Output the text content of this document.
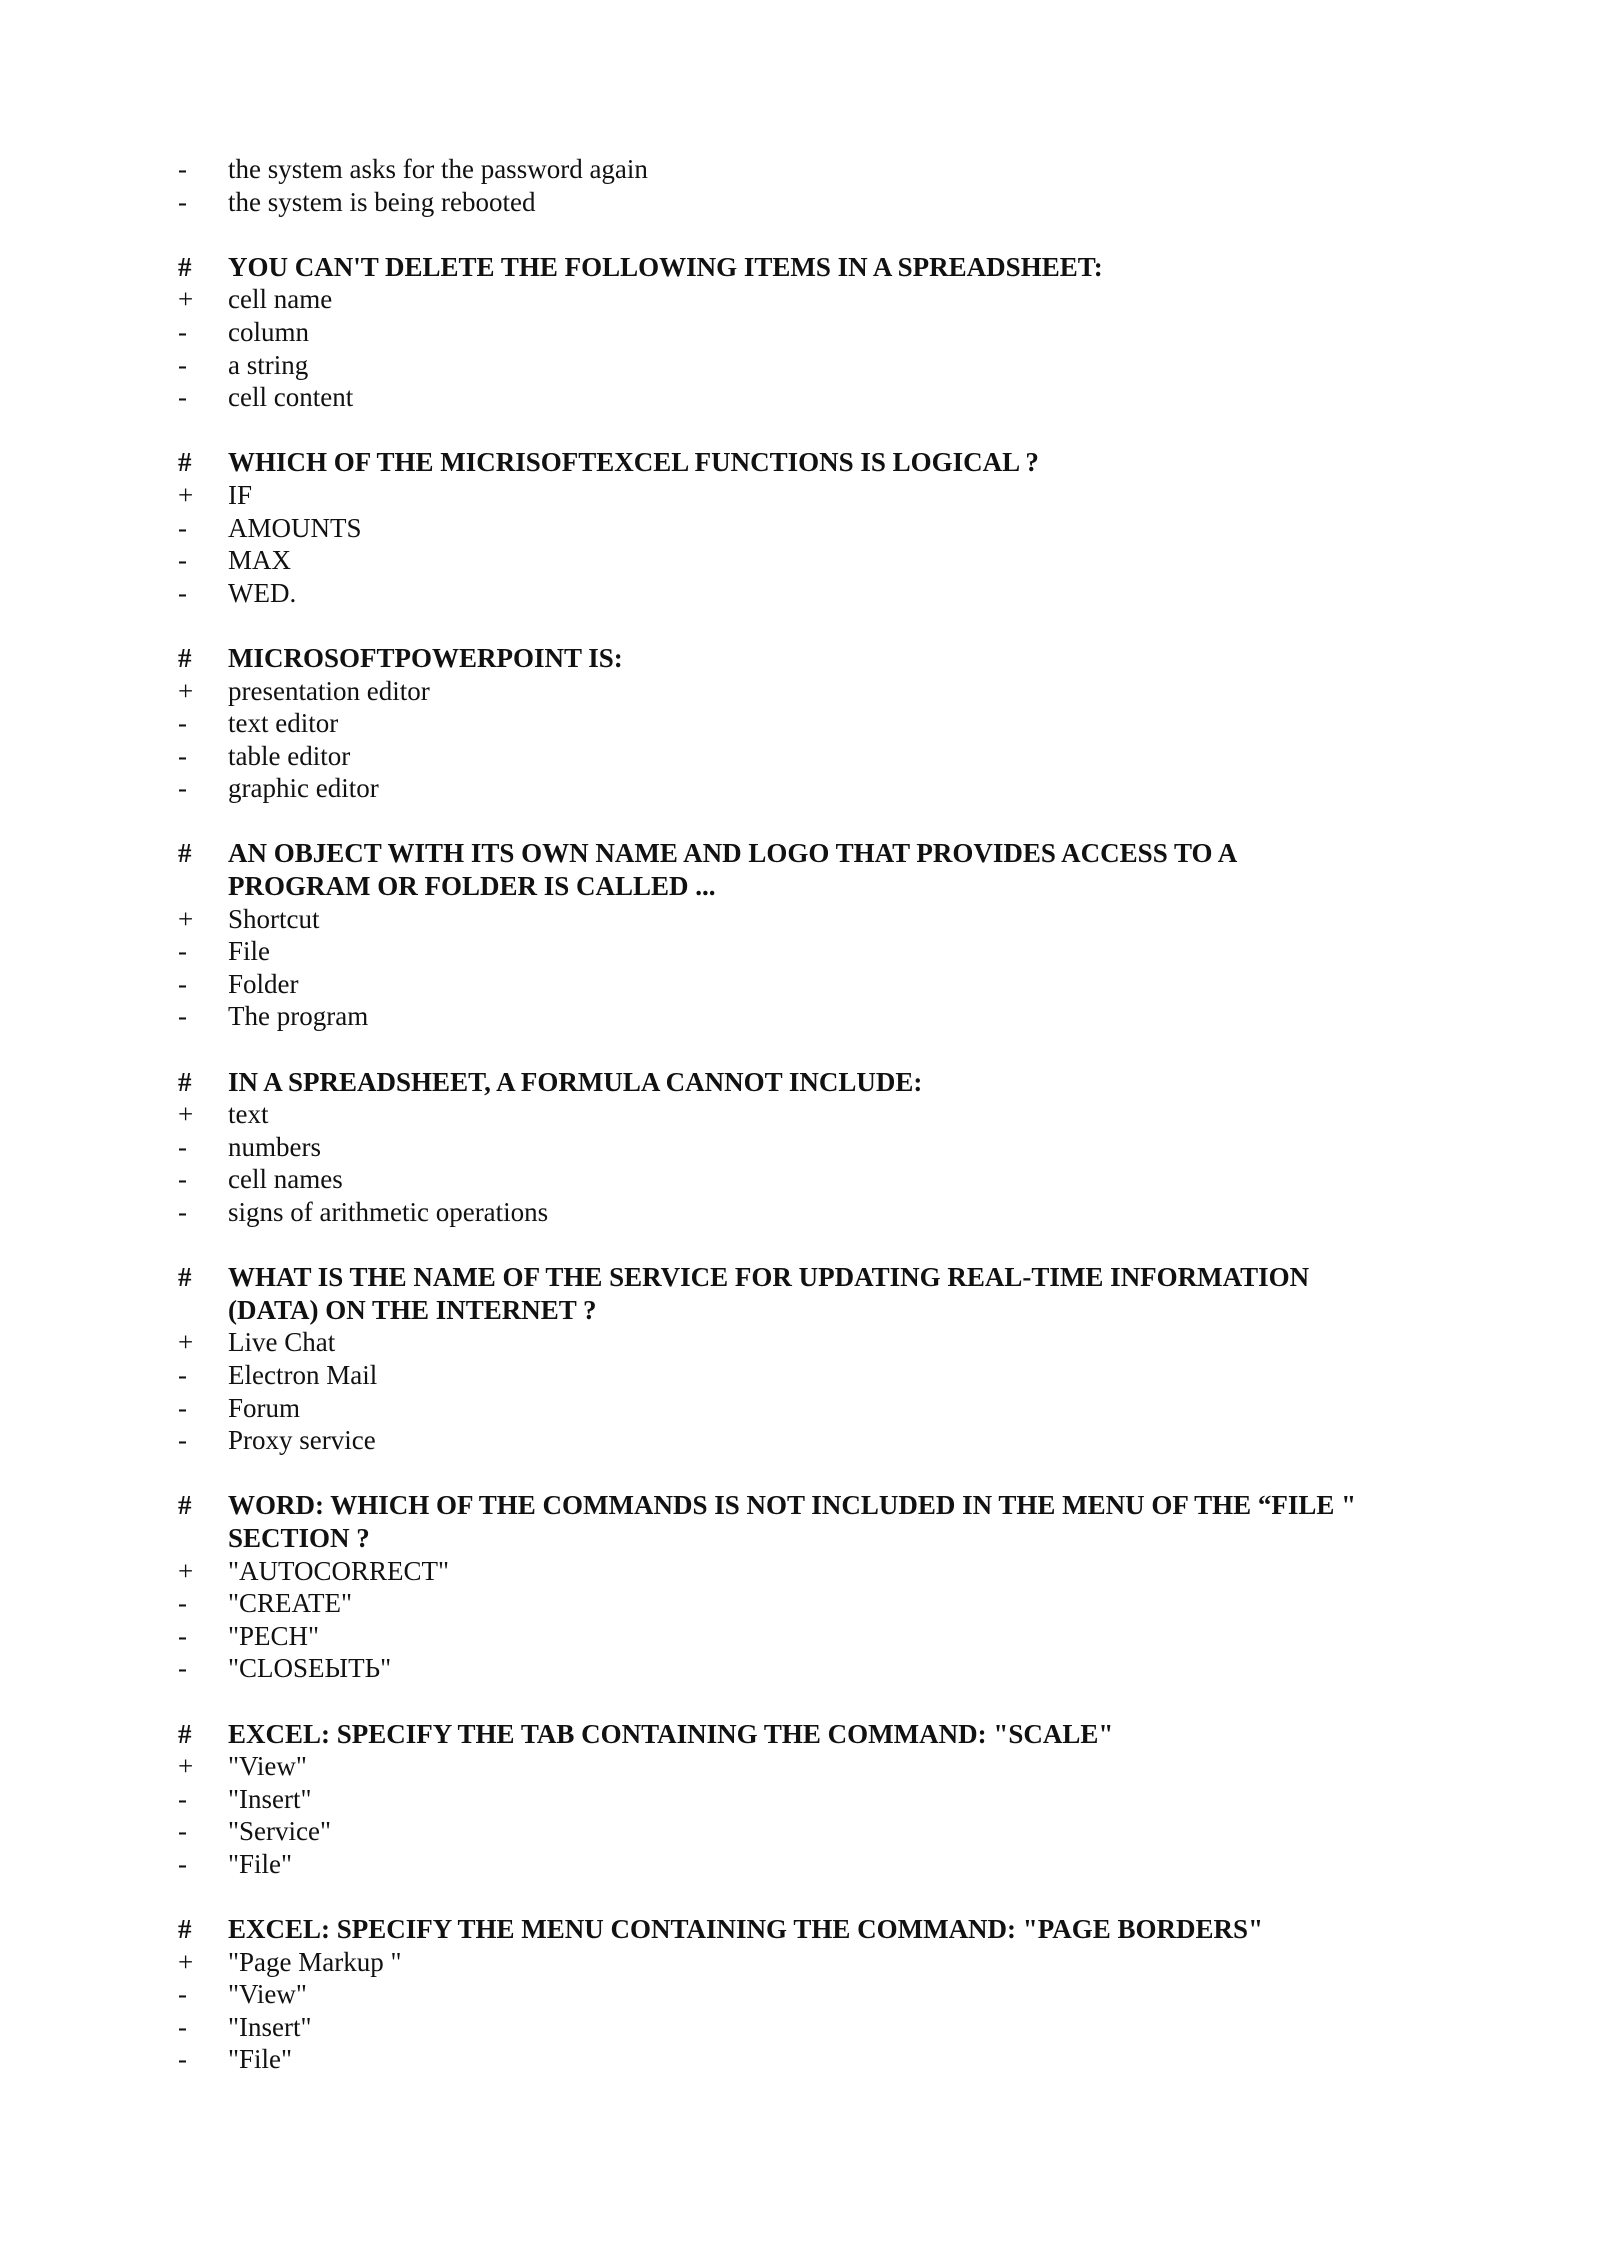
-	the system asks for the password again
-	the system is being rebooted
#	YOU CAN'T DELETE THE FOLLOWING ITEMS IN A SPREADSHEET:
+	cell name
-	column
-	a string
-	cell content
#	WHICH OF THE MICRISOFTEXCEL FUNCTIONS IS LOGICAL ?
+	IF
-	AMOUNTS
-	MAX
-	WED.
#	MICROSOFTPOWERPOINT IS:
+	presentation editor
-	text editor
-	table editor
-	graphic editor
#	AN OBJECT WITH ITS OWN NAME AND LOGO THAT PROVIDES ACCESS TO A
PROGRAM OR FOLDER IS CALLED ...
+	Shortcut
-	File
-	Folder
-	The program
#	IN A SPREADSHEET, A FORMULA CANNOT INCLUDE:
+	text
-	numbers
-	cell names
-	signs of arithmetic operations
#	WHAT IS THE NAME OF THE SERVICE FOR UPDATING REAL-TIME INFORMATION
(DATA) ON THE INTERNET ?
+	Live Chat
-	Electron Mail
-	Forum
-	Proxy service
#	WORD: WHICH OF THE COMMANDS IS NOT INCLUDED IN THE MENU OF THE “FILE "
SECTION ?
+	"AUTOCORRECT"
-	"CREATE"
-	"PECH"
-	"CLOSEЫТЬ"
#	EXCEL: SPECIFY THE TAB CONTAINING THE COMMAND: "SCALE"
+	"View"
-	"Insert"
-	"Service"
-	"File"
#	EXCEL: SPECIFY THE MENU CONTAINING THE COMMAND: "PAGE BORDERS"
+	"Page Markup "
-	"View"
-	"Insert"
-	"File"
